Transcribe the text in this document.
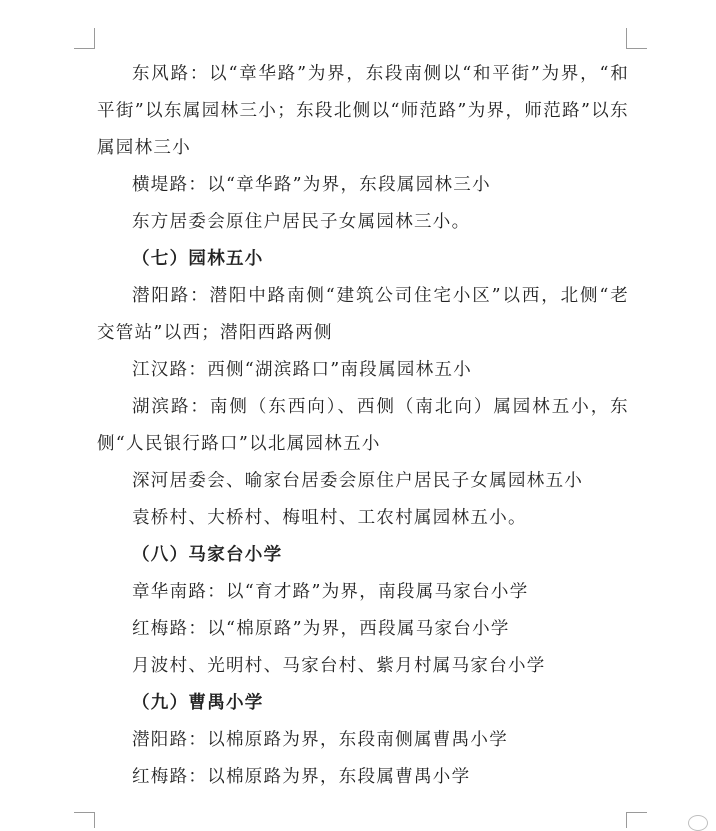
东风路：以“章华路”为界，东段南侧以“和平街”为界，“和平街”以东属园林三小；东段北侧以“师范路”为界，师范路”以东属园林三小

横堤路：以“章华路”为界，东段属园林三小

东方居委会原住户居民子女属园林三小。

（七）园林五小

潜阳路：潜阳中路南侧“建筑公司住宅小区”以西，北侧“老交管站”以西；潜阳西路两侧

江汉路：西侧“湖滨路口”南段属园林五小

湖滨路：南侧（东西向）、西侧（南北向）属园林五小，东侧“人民银行路口”以北属园林五小

深河居委会、喻家台居委会原住户居民子女属园林五小

袁桥村、大桥村、梅咀村、工农村属园林五小。

（八）马家台小学

章华南路：以“育才路”为界，南段属马家台小学

红梅路：以“棉原路”为界，西段属马家台小学

月波村、光明村、马家台村、紫月村属马家台小学

（九）曹禺小学

潜阳路：以棉原路为界，东段南侧属曹禺小学

红梅路：以棉原路为界，东段属曹禺小学
